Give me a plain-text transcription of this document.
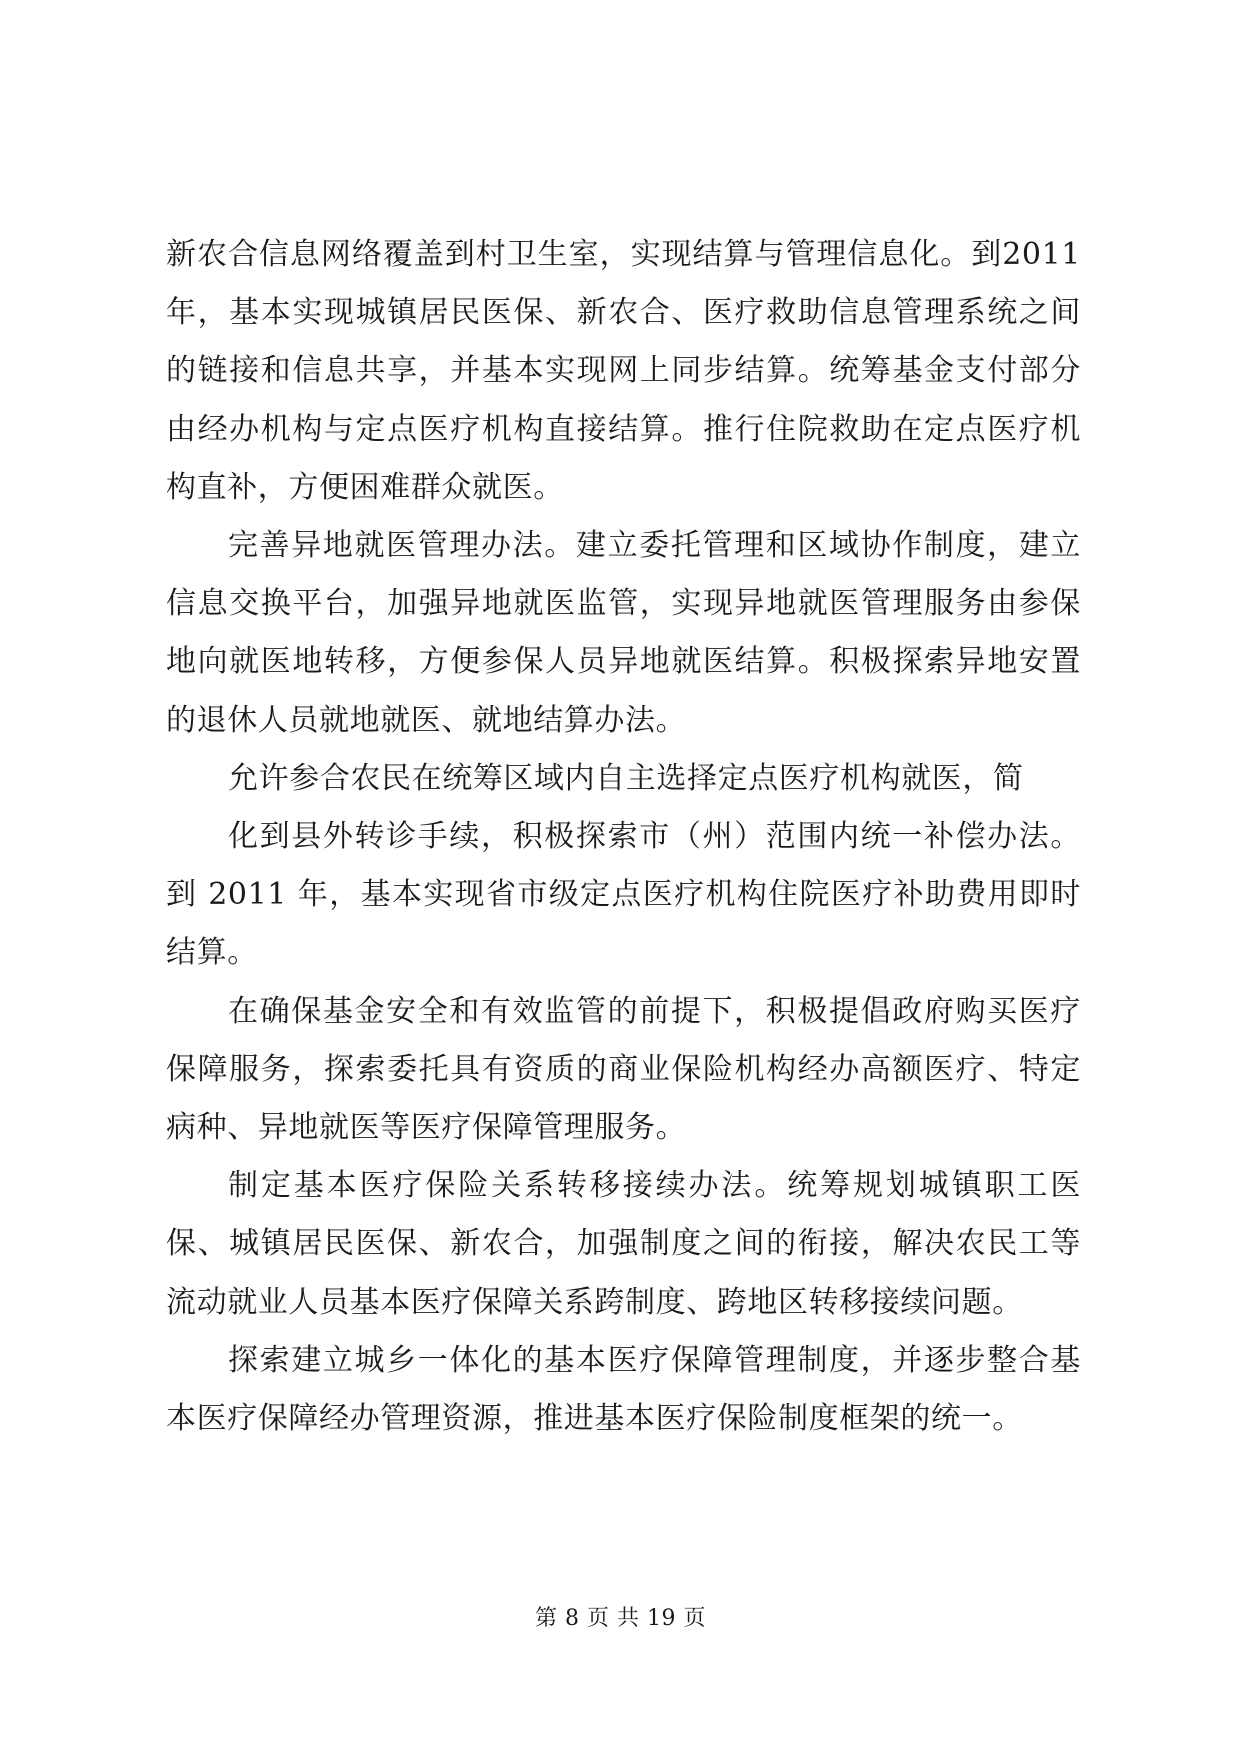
新农合信息网络覆盖到村卫生室，实现结算与管理信息化。到2011 年，基本实现城镇居民医保、新农合、医疗救助信息管理系统之间的链接和信息共享，并基本实现网上同步结算。统筹基金支付部分由经办机构与定点医疗机构直接结算。推行住院救助在定点医疗机构直补，方便困难群众就医。

完善异地就医管理办法。建立委托管理和区域协作制度，建立信息交换平台，加强异地就医监管，实现异地就医管理服务由参保地向就医地转移，方便参保人员异地就医结算。积极探索异地安置的退休人员就地就医、就地结算办法。

允许参合农民在统筹区域内自主选择定点医疗机构就医，简

化到县外转诊手续，积极探索市（州）范围内统一补偿办法。到 2011 年，基本实现省市级定点医疗机构住院医疗补助费用即时结算。

在确保基金安全和有效监管的前提下，积极提倡政府购买医疗保障服务，探索委托具有资质的商业保险机构经办高额医疗、特定病种、异地就医等医疗保障管理服务。

制定基本医疗保险关系转移接续办法。统筹规划城镇职工医保、城镇居民医保、新农合，加强制度之间的衔接，解决农民工等流动就业人员基本医疗保障关系跨制度、跨地区转移接续问题。

探索建立城乡一体化的基本医疗保障管理制度，并逐步整合基本医疗保障经办管理资源，推进基本医疗保险制度框架的统一。

第 8 页 共 19 页
